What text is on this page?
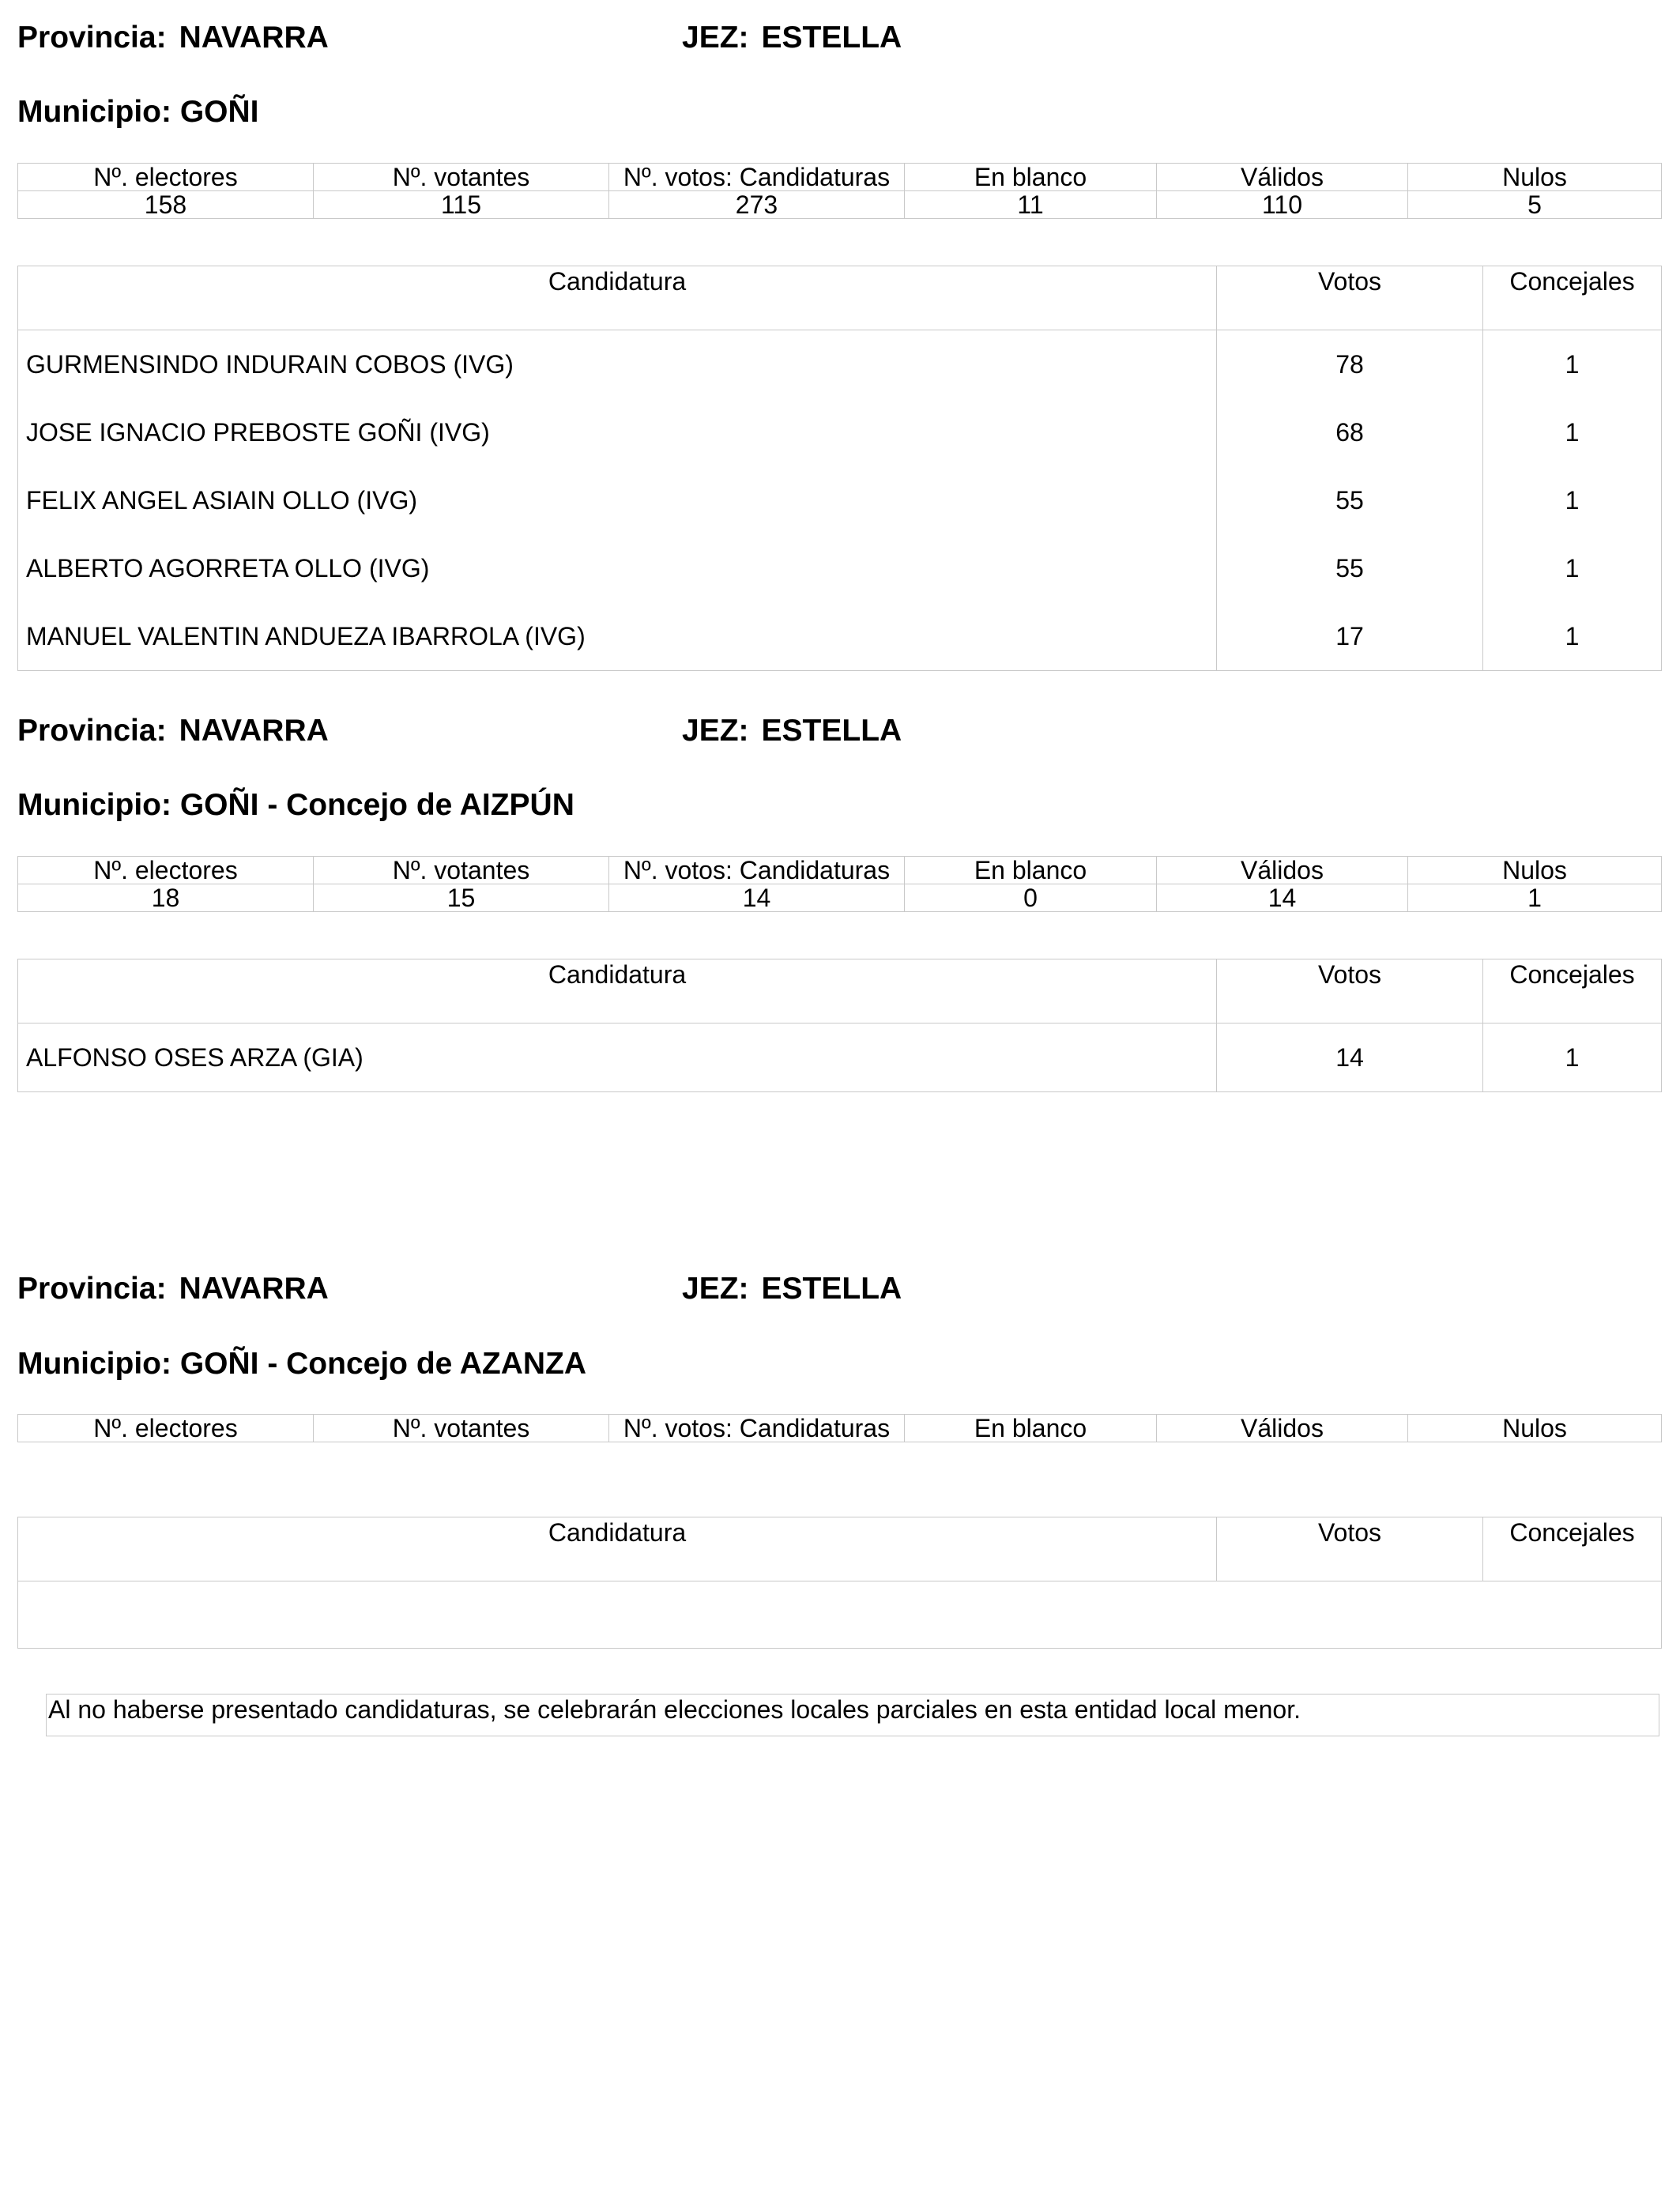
Provincia: NAVARRA	JEZ: ESTELLA
Municipio: GOÑI
Nº. electores	Nº. votantes	Nº. votos: Candidaturas	En blanco	Válidos	Nulos
158	115	273	11	110	5
Candidatura	Votos	Concejales
GURMENSINDO INDURAIN COBOS (IVG)	78	1
JOSE IGNACIO PREBOSTE GOÑI (IVG)	68	1
FELIX ANGEL ASIAIN OLLO (IVG)	55	1
ALBERTO AGORRETA OLLO (IVG)	55	1
MANUEL VALENTIN ANDUEZA IBARROLA (IVG)	17	1
Provincia: NAVARRA	JEZ: ESTELLA
Municipio: GOÑI - Concejo de AIZPÚN
Nº. electores	Nº. votantes	Nº. votos: Candidaturas	En blanco	Válidos	Nulos
18	15	14	0	14	1
Candidatura	Votos	Concejales
ALFONSO OSES ARZA (GIA)	14	1
Provincia: NAVARRA	JEZ: ESTELLA
Municipio: GOÑI - Concejo de AZANZA
Nº. electores	Nº. votantes	Nº. votos: Candidaturas	En blanco	Válidos	Nulos
Candidatura	Votos	Concejales

Al no haberse presentado candidaturas, se celebrarán elecciones locales parciales en esta entidad local menor.
